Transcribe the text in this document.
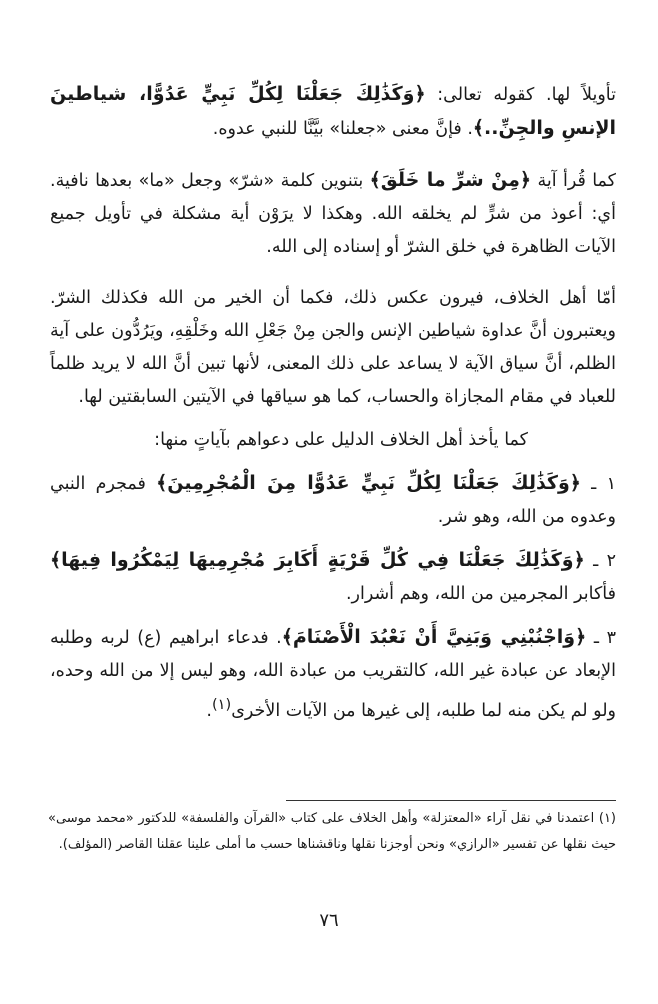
تأويلاً لها. كقوله تعالى: ﴿وَكَذَٰلِكَ جَعَلْنَا لِكُلِّ نَبِيٍّ عَدُوًّا، شياطينَ الإنسِ والجِنِّ..﴾. فإنَّ معنى «جعلنا» بيَّنَّا للنبي عدوه.

كما قُرأ آية ﴿مِنْ شرِّ ما خَلَقَ﴾ بتنوين كلمة «شرّ» وجعل «ما» بعدها نافية. أي: أعوذ من شرٍّ لم يخلقه الله. وهكذا لا يرَوْن أية مشكلة في تأويل جميع الآيات الظاهرة في خلق الشرّ أو إسناده إلى الله.

أمّا أهل الخلاف، فيرون عكس ذلك، فكما أن الخير من الله فكذلك الشرّ. ويعتبرون أنَّ عداوة شياطين الإنس والجن مِنْ جَعْلِ الله وخَلْقِهِ، ويَرُدُّون على آية الظلم، أنَّ سياق الآية لا يساعد على ذلك المعنى، لأنها تبين أنَّ الله لا يريد ظلماً للعباد في مقام المجازاة والحساب، كما هو سياقها في الآيتين السابقتين لها.

كما يأخذ أهل الخلاف الدليل على دعواهم بآياتٍ منها:

١ ـ ﴿وَكَذَٰلِكَ جَعَلْنَا لِكُلِّ نَبِيٍّ عَدُوًّا مِنَ الْمُجْرِمِينَ﴾ فمجرم النبي وعدوه من الله، وهو شر.

٢ ـ ﴿وَكَذَٰلِكَ جَعَلْنَا فِي كُلِّ قَرْيَةٍ أَكَابِرَ مُجْرِمِيهَا لِيَمْكُرُوا فِيهَا﴾ فأكابر المجرمين من الله، وهم أشرار.

٣ ـ ﴿وَاجْنُبْنِي وَبَنِيَّ أَنْ نَعْبُدَ الْأَصْنَامَ﴾. فدعاء ابراهيم (ع) لربه وطلبه الإبعاد عن عبادة غير الله، كالتقريب من عبادة الله، وهو ليس إلا من الله وحده، ولو لم يكن منه لما طلبه، إلى غيرها من الآيات الأخرى$^{(١)}$.

(١) اعتمدنا في نقل آراء «المعتزلة» وأهل الخلاف على كتاب «القرآن والفلسفة» للدكتور «محمد موسى» حيث نقلها عن تفسير «الرازي» ونحن أوجزنا نقلها وناقشناها حسب ما أملى علينا عقلنا القاصر (المؤلف).
٧٦
